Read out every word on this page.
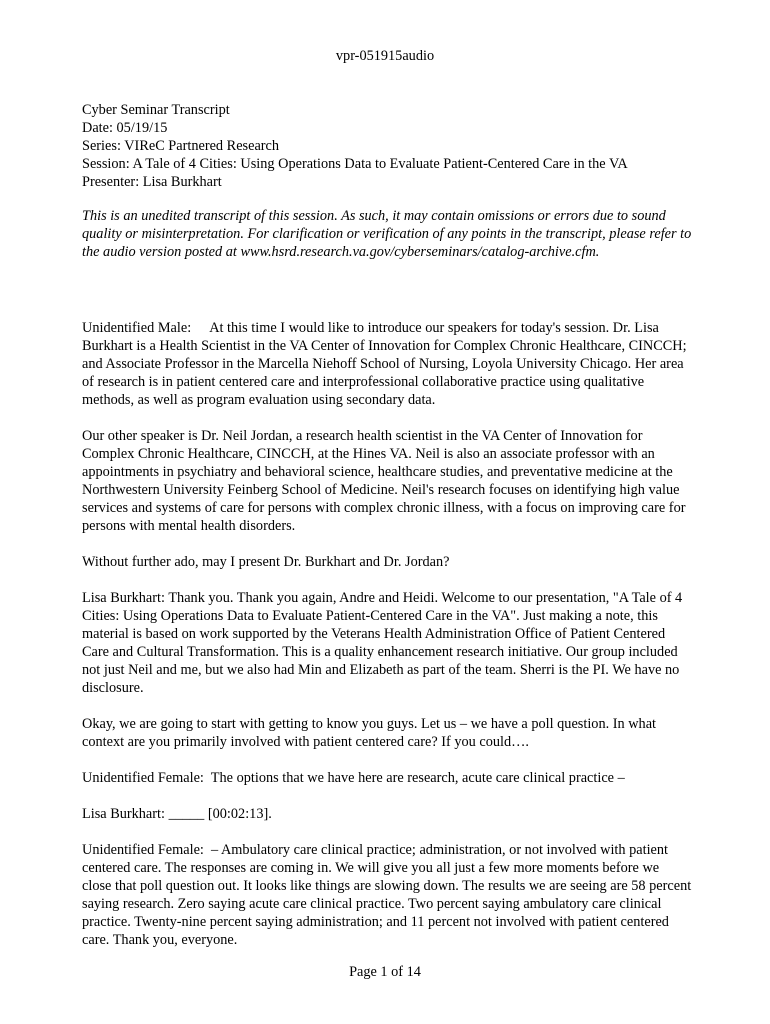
vpr-051915audio
Cyber Seminar Transcript
Date: 05/19/15
Series: VIReC Partnered Research
Session: A Tale of 4 Cities: Using Operations Data to Evaluate Patient-Centered Care in the VA
Presenter: Lisa Burkhart
This is an unedited transcript of this session. As such, it may contain omissions or errors due to sound quality or misinterpretation. For clarification or verification of any points in the transcript, please refer to the audio version posted at www.hsrd.research.va.gov/cyberseminars/catalog-archive.cfm.
Unidentified Male: At this time I would like to introduce our speakers for today's session. Dr. Lisa Burkhart is a Health Scientist in the VA Center of Innovation for Complex Chronic Healthcare, CINCCH; and Associate Professor in the Marcella Niehoff School of Nursing, Loyola University Chicago. Her area of research is in patient centered care and interprofessional collaborative practice using qualitative methods, as well as program evaluation using secondary data.
Our other speaker is Dr. Neil Jordan, a research health scientist in the VA Center of Innovation for Complex Chronic Healthcare, CINCCH, at the Hines VA. Neil is also an associate professor with an appointments in psychiatry and behavioral science, healthcare studies, and preventative medicine at the Northwestern University Feinberg School of Medicine. Neil's research focuses on identifying high value services and systems of care for persons with complex chronic illness, with a focus on improving care for persons with mental health disorders.
Without further ado, may I present Dr. Burkhart and Dr. Jordan?
Lisa Burkhart: Thank you. Thank you again, Andre and Heidi. Welcome to our presentation, "A Tale of 4 Cities: Using Operations Data to Evaluate Patient-Centered Care in the VA". Just making a note, this material is based on work supported by the Veterans Health Administration Office of Patient Centered Care and Cultural Transformation. This is a quality enhancement research initiative. Our group included not just Neil and me, but we also had Min and Elizabeth as part of the team. Sherri is the PI. We have no disclosure.
Okay, we are going to start with getting to know you guys. Let us – we have a poll question. In what context are you primarily involved with patient centered care? If you could….
Unidentified Female: The options that we have here are research, acute care clinical practice –
Lisa Burkhart: _____ [00:02:13].
Unidentified Female: – Ambulatory care clinical practice; administration, or not involved with patient centered care. The responses are coming in. We will give you all just a few more moments before we close that poll question out. It looks like things are slowing down. The results we are seeing are 58 percent saying research. Zero saying acute care clinical practice. Two percent saying ambulatory care clinical practice. Twenty-nine percent saying administration; and 11 percent not involved with patient centered care. Thank you, everyone.
Page 1 of 14
